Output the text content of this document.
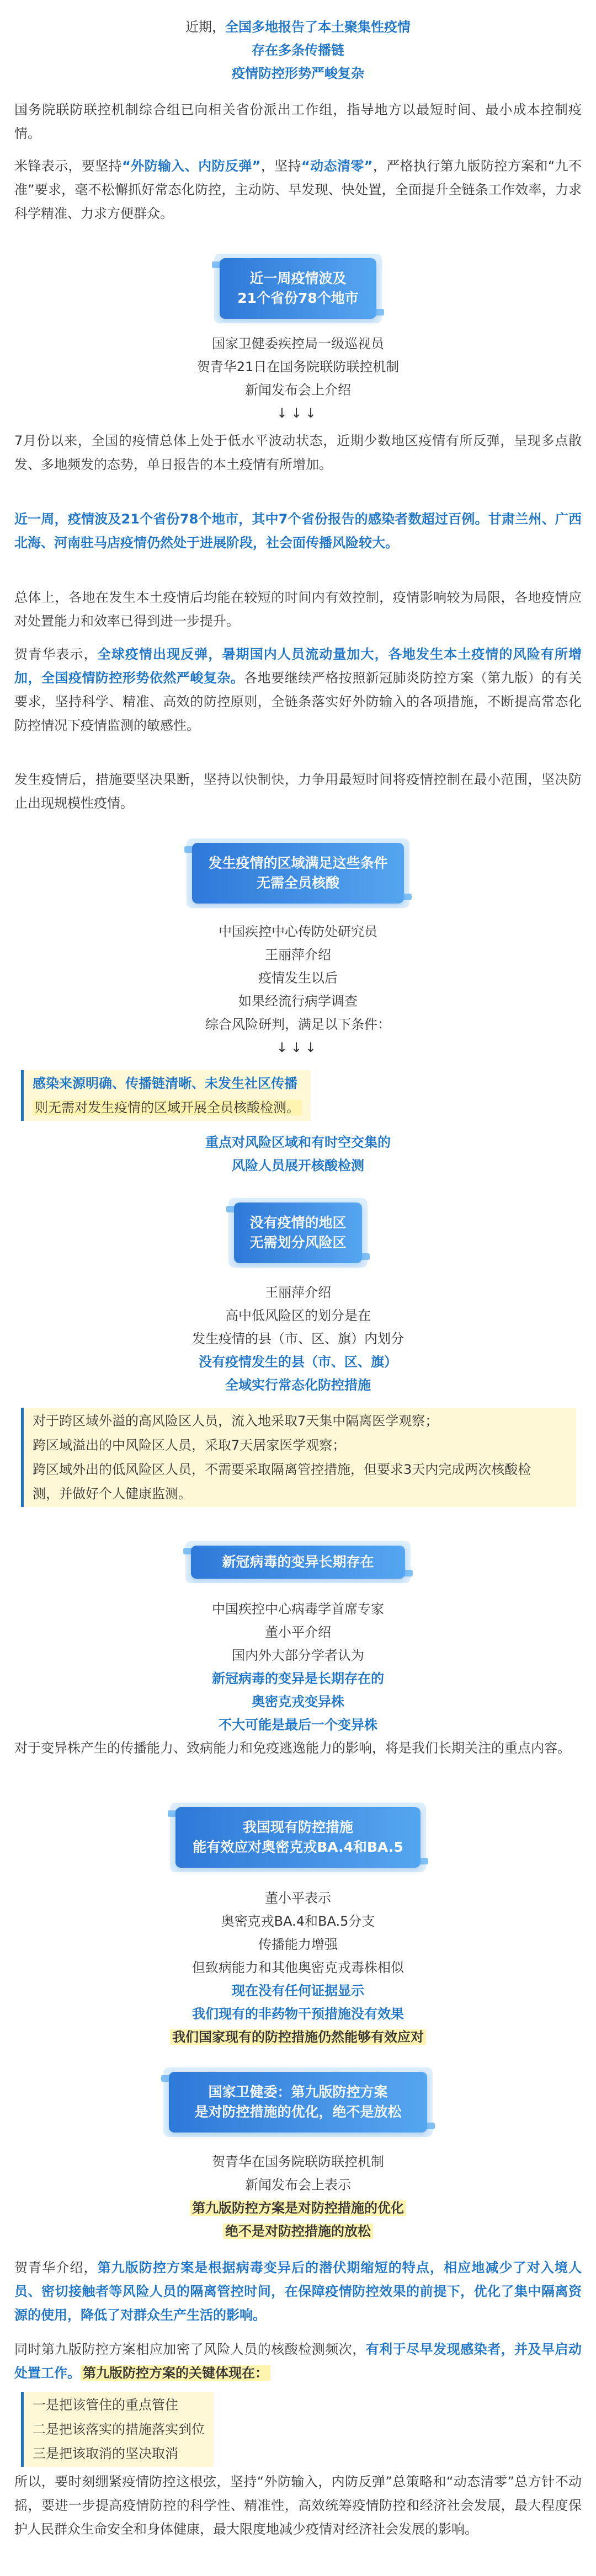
近期，全国多地报告了本土聚集性疫情
存在多条传播链
疫情防控形势严峻复杂
国务院联防联控机制综合组已向相关省份派出工作组，指导地方以最短时间、最小成本控制疫情。
米锋表示，要坚持“外防输入、内防反弹”，坚持“动态清零”，严格执行第九版防控方案和“九不准”要求，毫不松懈抓好常态化防控，主动防、早发现、快处置，全面提升全链条工作效率，力求科学精准、力求方便群众。
近一周疫情波及
21个省份78个地市
国家卫健委疾控局一级巡视员
贺青华21日在国务院联防联控机制
新闻发布会上介绍
↓↓↓
7月份以来，全国的疫情总体上处于低水平波动状态，近期少数地区疫情有所反弹，呈现多点散发、多地频发的态势，单日报告的本土疫情有所增加。
近一周，疫情波及21个省份78个地市，其中7个省份报告的感染者数超过百例。甘肃兰州、广西北海、河南驻马店疫情仍然处于进展阶段，社会面传播风险较大。
总体上，各地在发生本土疫情后均能在较短的时间内有效控制，疫情影响较为局限，各地疫情应对处置能力和效率已得到进一步提升。
贺青华表示，全球疫情出现反弹，暑期国内人员流动量加大，各地发生本土疫情的风险有所增加，全国疫情防控形势依然严峻复杂。各地要继续严格按照新冠肺炎防控方案（第九版）的有关要求，坚持科学、精准、高效的防控原则，全链条落实好外防输入的各项措施，不断提高常态化防控情况下疫情监测的敏感性。
发生疫情后，措施要坚决果断，坚持以快制快，力争用最短时间将疫情控制在最小范围，坚决防止出现规模性疫情。
发生疫情的区域满足这些条件
无需全员核酸
中国疾控中心传防处研究员
王丽萍介绍
疫情发生以后
如果经流行病学调查
综合风险研判，满足以下条件：
↓↓↓
感染来源明确、传播链清晰、未发生社区传播
则无需对发生疫情的区域开展全员核酸检测。
重点对风险区域和有时空交集的
风险人员展开核酸检测
没有疫情的地区
无需划分风险区
王丽萍介绍
高中低风险区的划分是在
发生疫情的县（市、区、旗）内划分
没有疫情发生的县（市、区、旗）
全域实行常态化防控措施
对于跨区域外溢的高风险区人员，流入地采取7天集中隔离医学观察；
跨区域溢出的中风险区人员，采取7天居家医学观察；
跨区域外出的低风险区人员，不需要采取隔离管控措施，但要求3天内完成两次核酸检
测，并做好个人健康监测。
新冠病毒的变异长期存在
中国疾控中心病毒学首席专家
董小平介绍
国内外大部分学者认为
新冠病毒的变异是长期存在的
奥密克戎变异株
不大可能是最后一个变异株
对于变异株产生的传播能力、致病能力和免疫逃逸能力的影响，将是我们长期关注的重点内容。
我国现有防控措施
能有效应对奥密克戎BA.4和BA.5
董小平表示
奥密克戎BA.4和BA.5分支
传播能力增强
但致病能力和其他奥密克戎毒株相似
现在没有任何证据显示
我们现有的非药物干预措施没有效果
我们国家现有的防控措施仍然能够有效应对
国家卫健委：第九版防控方案
是对防控措施的优化，绝不是放松
贺青华在国务院联防联控机制
新闻发布会上表示
第九版防控方案是对防控措施的优化
绝不是对防控措施的放松
贺青华介绍，第九版防控方案是根据病毒变异后的潜伏期缩短的特点，相应地减少了对入境人员、密切接触者等风险人员的隔离管控时间，在保障疫情防控效果的前提下，优化了集中隔离资源的使用，降低了对群众生产生活的影响。
同时第九版防控方案相应加密了风险人员的核酸检测频次，有利于尽早发现感染者，并及早启动处置工作。 第九版防控方案的关键体现在：
一是把该管住的重点管住
二是把该落实的措施落实到位
三是把该取消的坚决取消
所以，要时刻绷紧疫情防控这根弦，坚持“外防输入，内防反弹”总策略和“动态清零”总方针不动摇，要进一步提高疫情防控的科学性、精准性，高效统筹疫情防控和经济社会发展，最大程度保护人民群众生命安全和身体健康，最大限度地减少疫情对经济社会发展的影响。
